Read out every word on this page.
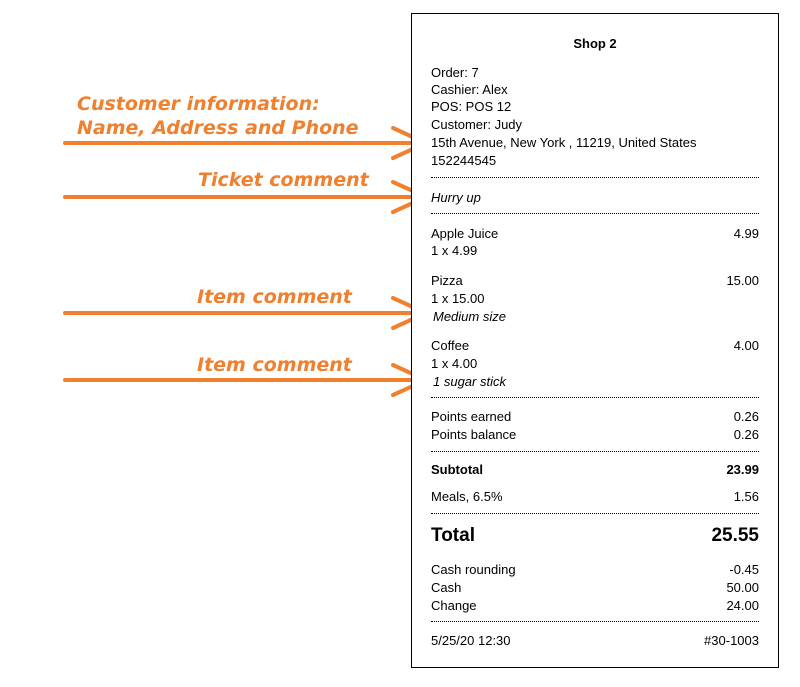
Customer information:
Name, Address and Phone
Ticket comment
Item comment
Item comment
Shop 2
Order: 7
Cashier: Alex
POS: POS 12
Customer: Judy
15th Avenue, New York , 11219, United States
152244545
Hurry up
Apple Juice	4.99
1 x 4.99
Pizza	15.00
1 x 15.00
Medium size
Coffee	4.00
1 x 4.00
1 sugar stick
Points earned	0.26
Points balance	0.26
Subtotal	23.99
Meals, 6.5%	1.56
Total	25.55
Cash rounding	-0.45
Cash	50.00
Change	24.00
5/25/20 12:30	#30-1003
